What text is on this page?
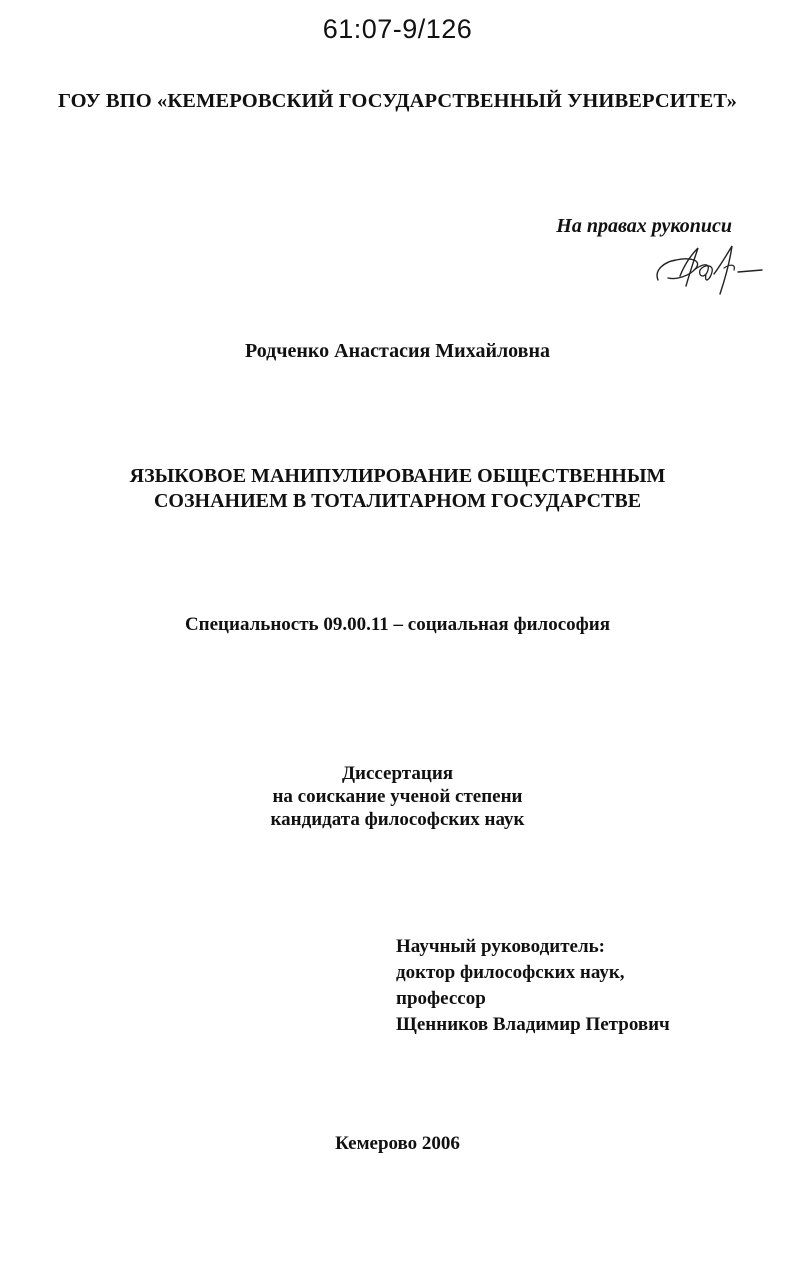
61:07-9/126
ГОУ ВПО «КЕМЕРОВСКИЙ ГОСУДАРСТВЕННЫЙ УНИВЕРСИТЕТ»
На правах рукописи
Родченко Анастасия Михайловна
ЯЗЫКОВОЕ МАНИПУЛИРОВАНИЕ ОБЩЕСТВЕННЫМ
СОЗНАНИЕМ В ТОТАЛИТАРНОМ ГОСУДАРСТВЕ
Специальность 09.00.11 – социальная философия
Диссертация
на соискание ученой степени
кандидата философских наук
Научный руководитель:
доктор философских наук,
профессор
Щенников Владимир Петрович
Кемерово 2006
